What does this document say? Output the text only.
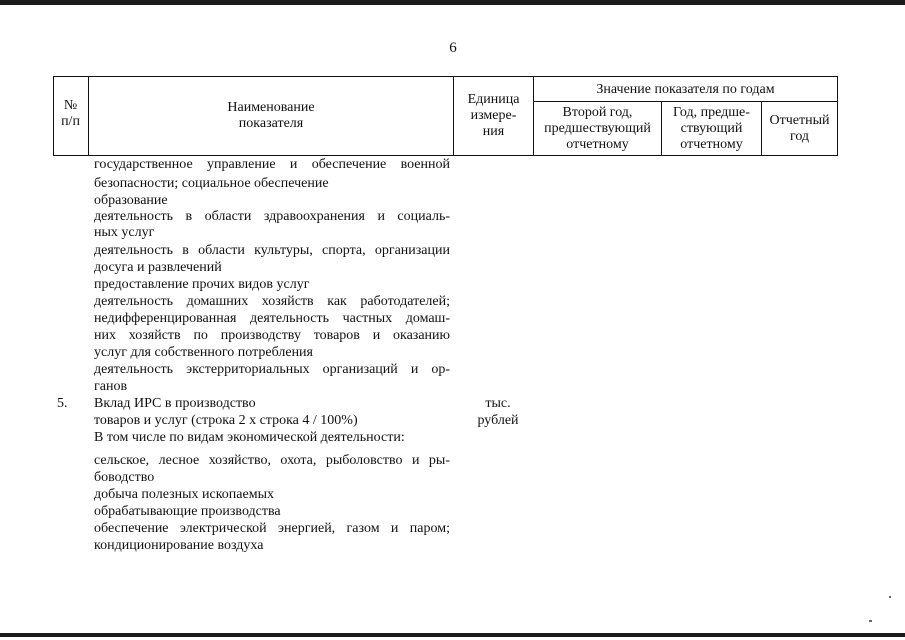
6
№
п/п
Наименование
показателя
Единица
измере-
ния
Значение показателя по годам
Второй год,
предшествующий
отчетному
Год, предше-
ствующий
отчетному
Отчетный
год
государственное управление и обеспечение военной
безопасности; социальное обеспечение
образование
деятельность в области здравоохранения и социаль-
ных услуг
деятельность в области культуры, спорта, организации
досуга и развлечений
предоставление прочих видов услуг
деятельность домашних хозяйств как работодателей;
недифференцированная деятельность частных домаш-
них хозяйств по производству товаров и оказанию
услуг для собственного потребления
деятельность экстерриториальных организаций и ор-
ганов
5. Вклад ИРС в производство
товаров и услуг (строка 2 х строка 4 / 100%)
В том числе по видам экономической деятельности:
тыс.
рублей
сельское, лесное хозяйство, охота, рыболовство и ры-
боводство
добыча полезных ископаемых
обрабатывающие производства
обеспечение электрической энергией, газом и паром;
кондиционирование воздуха
